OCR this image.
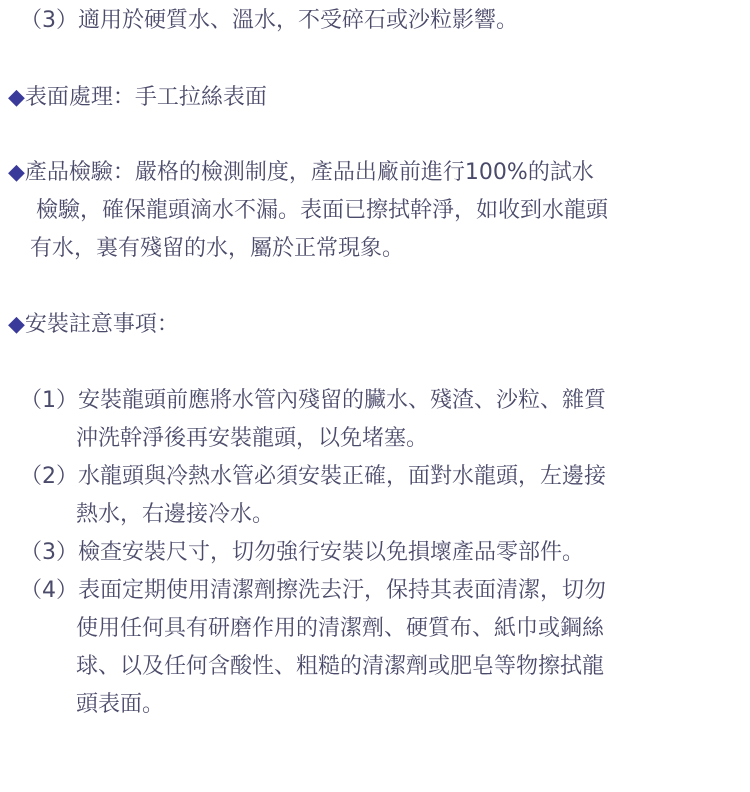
（3）適用於硬質水、溫水，不受碎石或沙粒影響。
◆表面處理：手工拉絲表面
◆產品檢驗：嚴格的檢測制度，產品出廠前進行100%的試水
檢驗，確保龍頭滴水不漏。表面已擦拭幹淨，如收到水龍頭
有水，裏有殘留的水，屬於正常現象。
◆安裝註意事項：
（1）安裝龍頭前應將水管內殘留的臟水、殘渣、沙粒、雜質
沖洗幹淨後再安裝龍頭，以免堵塞。
（2）水龍頭與冷熱水管必須安裝正確，面對水龍頭，左邊接
熱水，右邊接冷水。
（3）檢查安裝尺寸，切勿強行安裝以免損壞產品零部件。
（4）表面定期使用清潔劑擦洗去汙，保持其表面清潔，切勿
使用任何具有研磨作用的清潔劑、硬質布、紙巾或鋼絲
球、以及任何含酸性、粗糙的清潔劑或肥皂等物擦拭龍
頭表面。
